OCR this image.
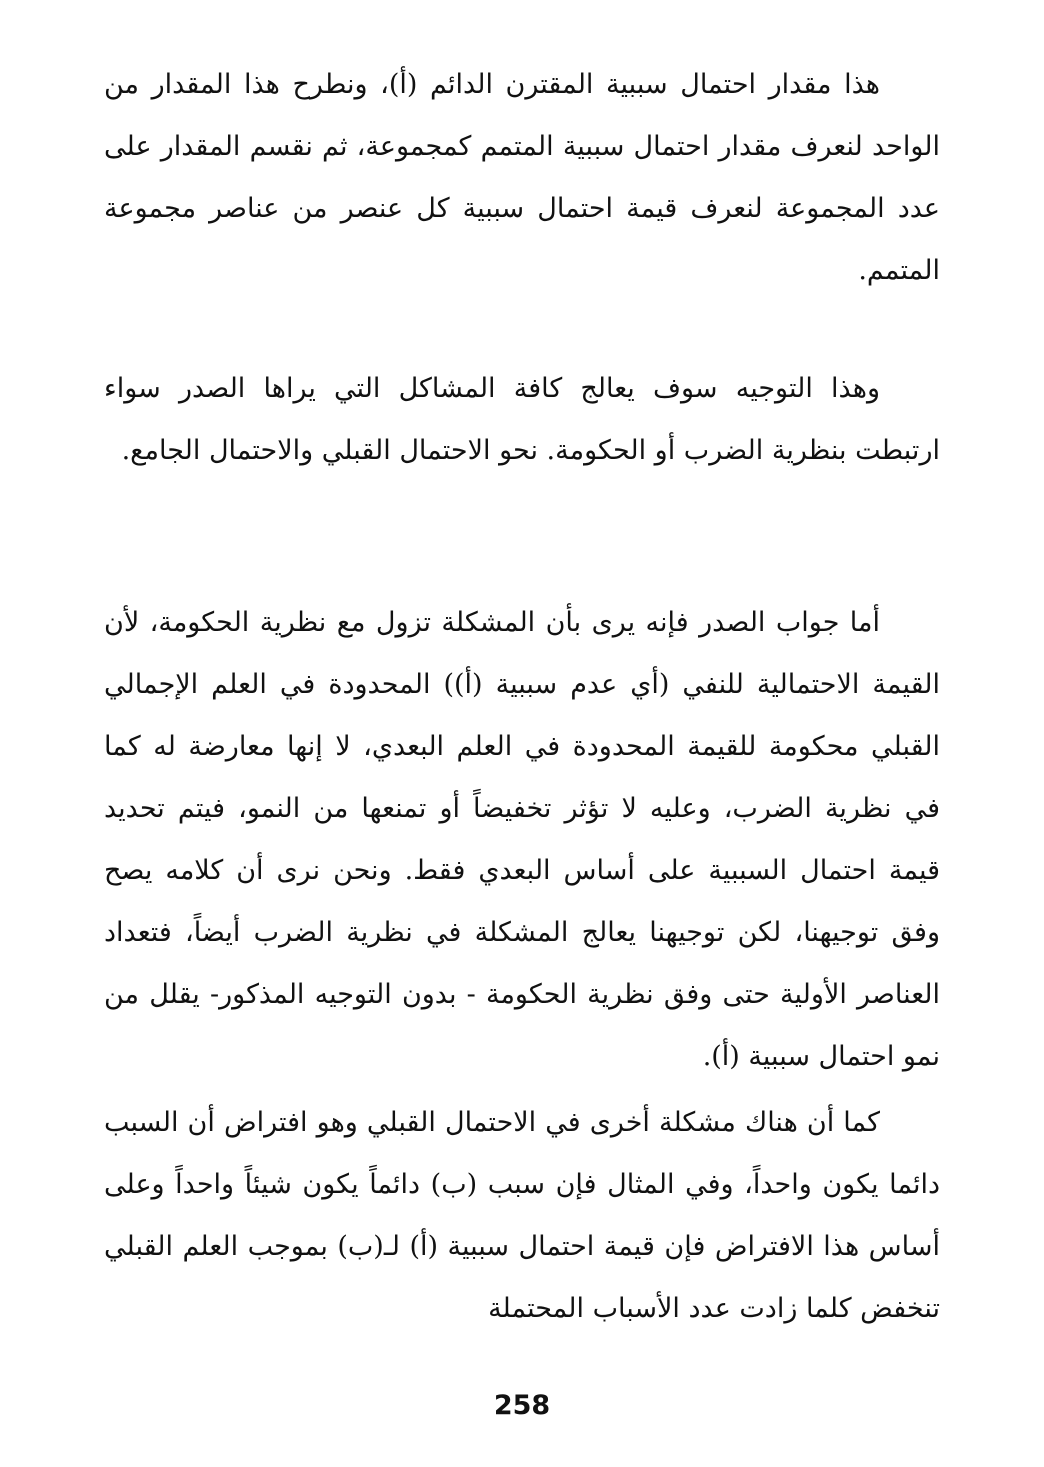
هذا مقدار احتمال سببية المقترن الدائم (أ)، ونطرح هذا المقدار من الواحد لنعرف مقدار احتمال سببية المتمم كمجموعة، ثم نقسم المقدار على عدد المجموعة لنعرف قيمة احتمال سببية كل عنصر من عناصر مجموعة المتمم.

وهذا التوجيه سوف يعالج كافة المشاكل التي يراها الصدر سواء ارتبطت بنظرية الضرب أو الحكومة. نحو الاحتمال القبلي والاحتمال الجامع.

أما جواب الصدر فإنه يرى بأن المشكلة تزول مع نظرية الحكومة، لأن القيمة الاحتمالية للنفي (أي عدم سببية (أ)) المحدودة في العلم الإجمالي القبلي محكومة للقيمة المحدودة في العلم البعدي، لا إنها معارضة له كما في نظرية الضرب، وعليه لا تؤثر تخفيضاً أو تمنعها من النمو، فيتم تحديد قيمة احتمال السببية على أساس البعدي فقط. ونحن نرى أن كلامه يصح وفق توجيهنا، لكن توجيهنا يعالج المشكلة في نظرية الضرب أيضاً، فتعداد العناصر الأولية حتى وفق نظرية الحكومة - بدون التوجيه المذكور- يقلل من نمو احتمال سببية (أ).

كما أن هناك مشكلة أخرى في الاحتمال القبلي وهو افتراض أن السبب دائما يكون واحداً، وفي المثال فإن سبب (ب) دائماً يكون شيئاً واحداً وعلى أساس هذا الافتراض فإن قيمة احتمال سببية (أ) لـ(ب) بموجب العلم القبلي تنخفض كلما زادت عدد الأسباب المحتملة

258
